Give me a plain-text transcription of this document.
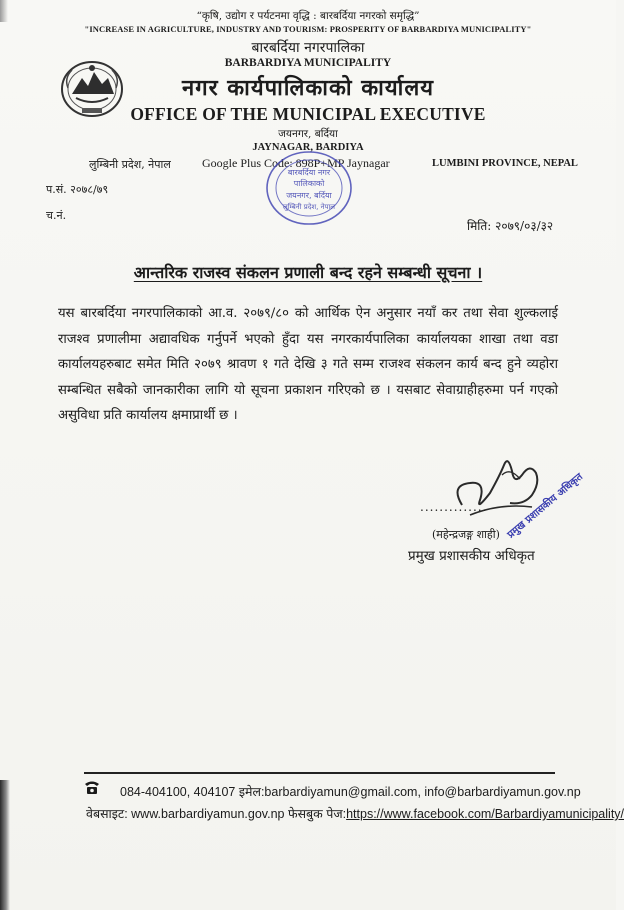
“कृषि, उद्योग र पर्यटनमा वृद्धि : बारबर्दिया नगरको समृद्धि”
"INCREASE IN AGRICULTURE, INDUSTRY AND TOURISM: PROSPERITY OF BARBARDIYA MUNICIPALITY"
बारबर्दिया नगरपालिका
BARBARDIYA MUNICIPALITY
नगर कार्यपालिकाको कार्यालय
OFFICE OF THE MUNICIPAL EXECUTIVE
जयनगर, बर्दिया
JAYNAGAR, BARDIYA
लुम्बिनी प्रदेश, नेपाल	Google Plus Code: 898P+MP Jaynagar	LUMBINI PROVINCE, NEPAL
बारबर्दिया नगर
पालिकाको
जयनगर, बर्दिया
लुम्बिनी प्रदेश, नेपाल
प.सं. २०७८/७९
च.नं.
मिति: २०७९/०३/३२
आन्तरिक राजस्व संकलन प्रणाली बन्द रहने सम्बन्धी सूचना ।
यस बारबर्दिया नगरपालिकाको आ.व. २०७९/८० को आर्थिक ऐन अनुसार नयाँ कर तथा सेवा शुल्कलाई राजश्व प्रणालीमा अद्यावधिक गर्नुपर्ने भएकाे हुँदा यस नगरकार्यपालिका कार्यालयका शाखा तथा वडा कार्यालयहरुबाट समेत मिति २०७९ श्रावण १ गते देखि ३ गते सम्म राजश्व संकलन कार्य बन्द हुने व्यहोरा सम्बन्धित सबैको जानकारीका लागि यो सूचना प्रकाशन गरिएको छ । यसबाट सेवाग्राहीहरुमा पर्न गएको असुविधा प्रति कार्यालय क्षमाप्रार्थी छ ।
प्रमुख प्रशासकीय अधिकृत
..............
(महेन्द्रजङ्ग शाही)
प्रमुख प्रशासकीय अधिकृत
084-404100, 404107 इमेल:barbardiyamun@gmail.com, info@barbardiyamun.gov.np
वेबसाइट: www.barbardiyamun.gov.np फेसबुक पेज:https://www.facebook.com/Barbardiyamunicipality/
